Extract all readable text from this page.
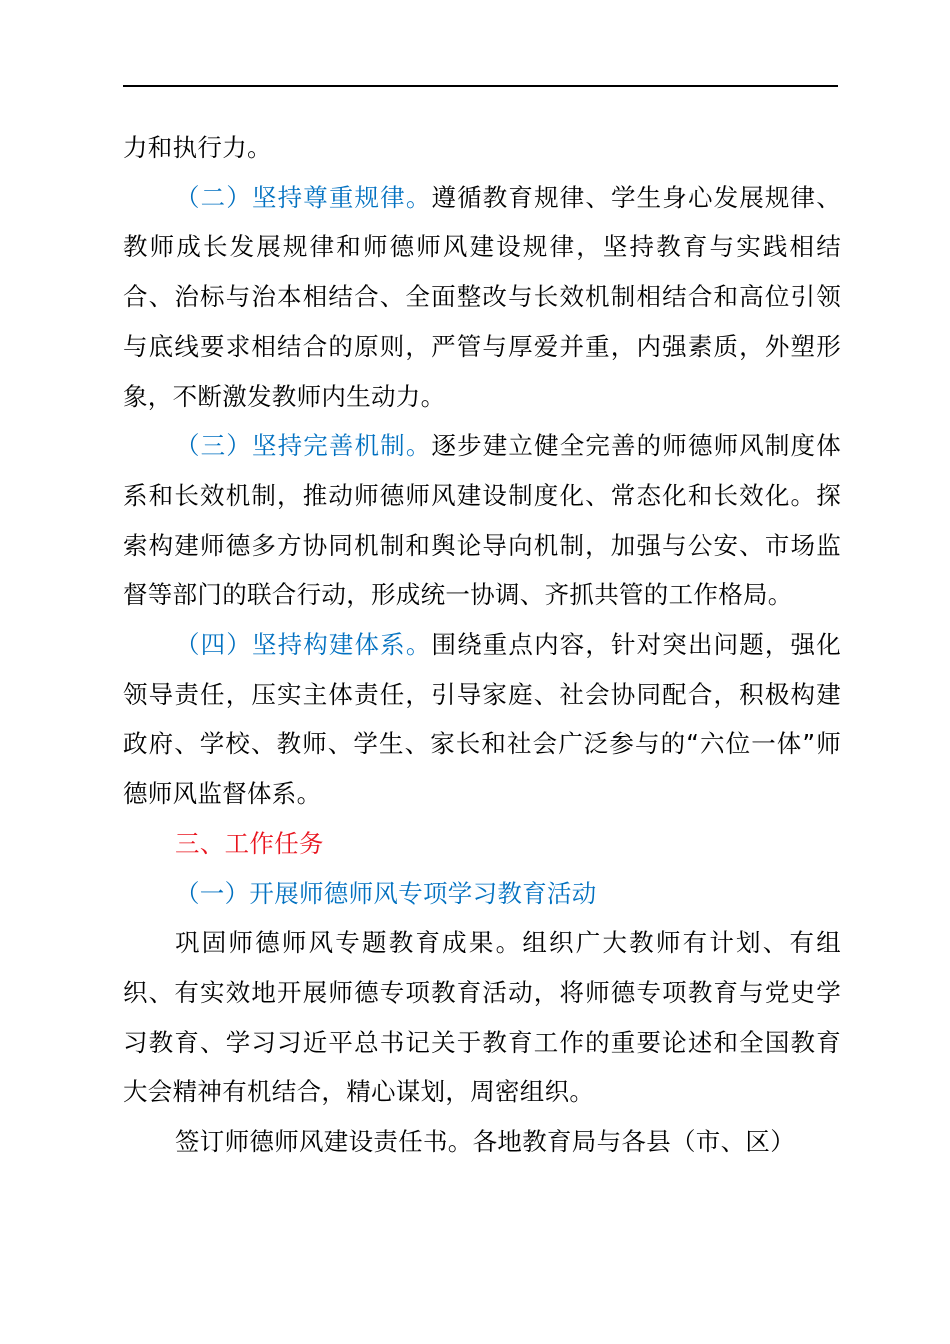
力和执行力。

（二）坚持尊重规律。遵循教育规律、学生身心发展规律、教师成长发展规律和师德师风建设规律，坚持教育与实践相结合、治标与治本相结合、全面整改与长效机制相结合和高位引领与底线要求相结合的原则，严管与厚爱并重，内强素质，外塑形象，不断激发教师内生动力。

（三）坚持完善机制。逐步建立健全完善的师德师风制度体系和长效机制，推动师德师风建设制度化、常态化和长效化。探索构建师德多方协同机制和舆论导向机制，加强与公安、市场监督等部门的联合行动，形成统一协调、齐抓共管的工作格局。

（四）坚持构建体系。围绕重点内容，针对突出问题，强化领导责任，压实主体责任，引导家庭、社会协同配合，积极构建政府、学校、教师、学生、家长和社会广泛参与的“六位一体”师德师风监督体系。

三、工作任务

（一）开展师德师风专项学习教育活动

巩固师德师风专题教育成果。组织广大教师有计划、有组织、有实效地开展师德专项教育活动，将师德专项教育与党史学习教育、学习习近平总书记关于教育工作的重要论述和全国教育大会精神有机结合，精心谋划，周密组织。

签订师德师风建设责任书。各地教育局与各县（市、区）
